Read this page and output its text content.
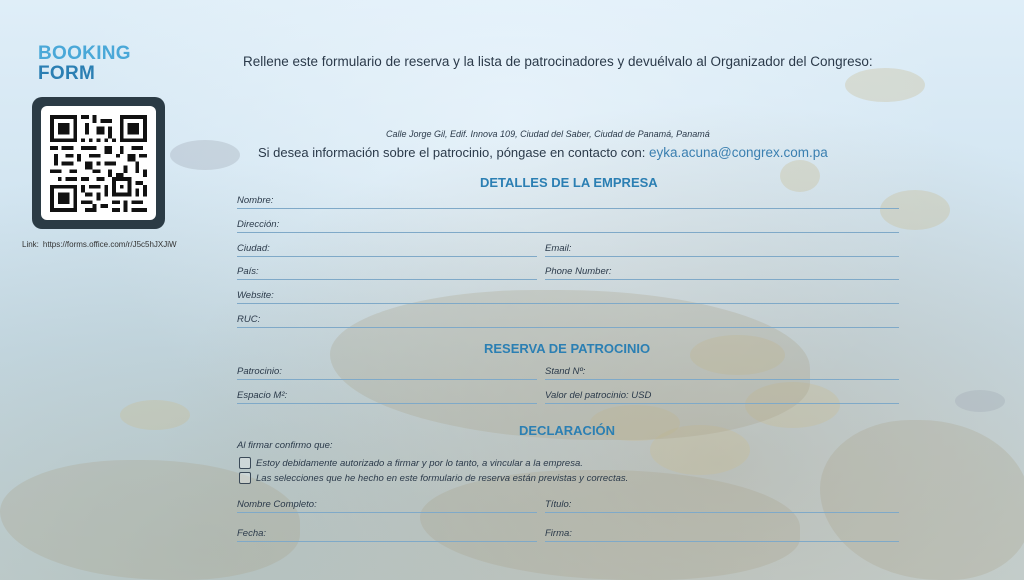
BOOKING
FORM
Link: https://forms.office.com/r/J5c5hJXJiW
Rellene este formulario de reserva y la lista de patrocinadores y devuélvalo al Organizador del Congreso:
Calle Jorge Gil, Edif. Innova 109, Ciudad del Saber, Ciudad de Panamá, Panamá
Si desea información sobre el patrocinio, póngase en contacto con: eyka.acuna@congrex.com.pa
DETALLES DE LA EMPRESA
Nombre:
Dirección:
Ciudad:	Email:
País:	Phone Number:
Website:
RUC:
RESERVA DE PATROCINIO
Patrocinio:	Stand Nº:
Espacio M²:	Valor del patrocinio: USD
DECLARACIÓN
Al firmar confirmo que:
Estoy debidamente autorizado a firmar y por lo tanto, a vincular a la empresa.
Las selecciones que he hecho en este formulario de reserva están previstas y correctas.
Nombre Completo:	Título:
Fecha:	Firma:
